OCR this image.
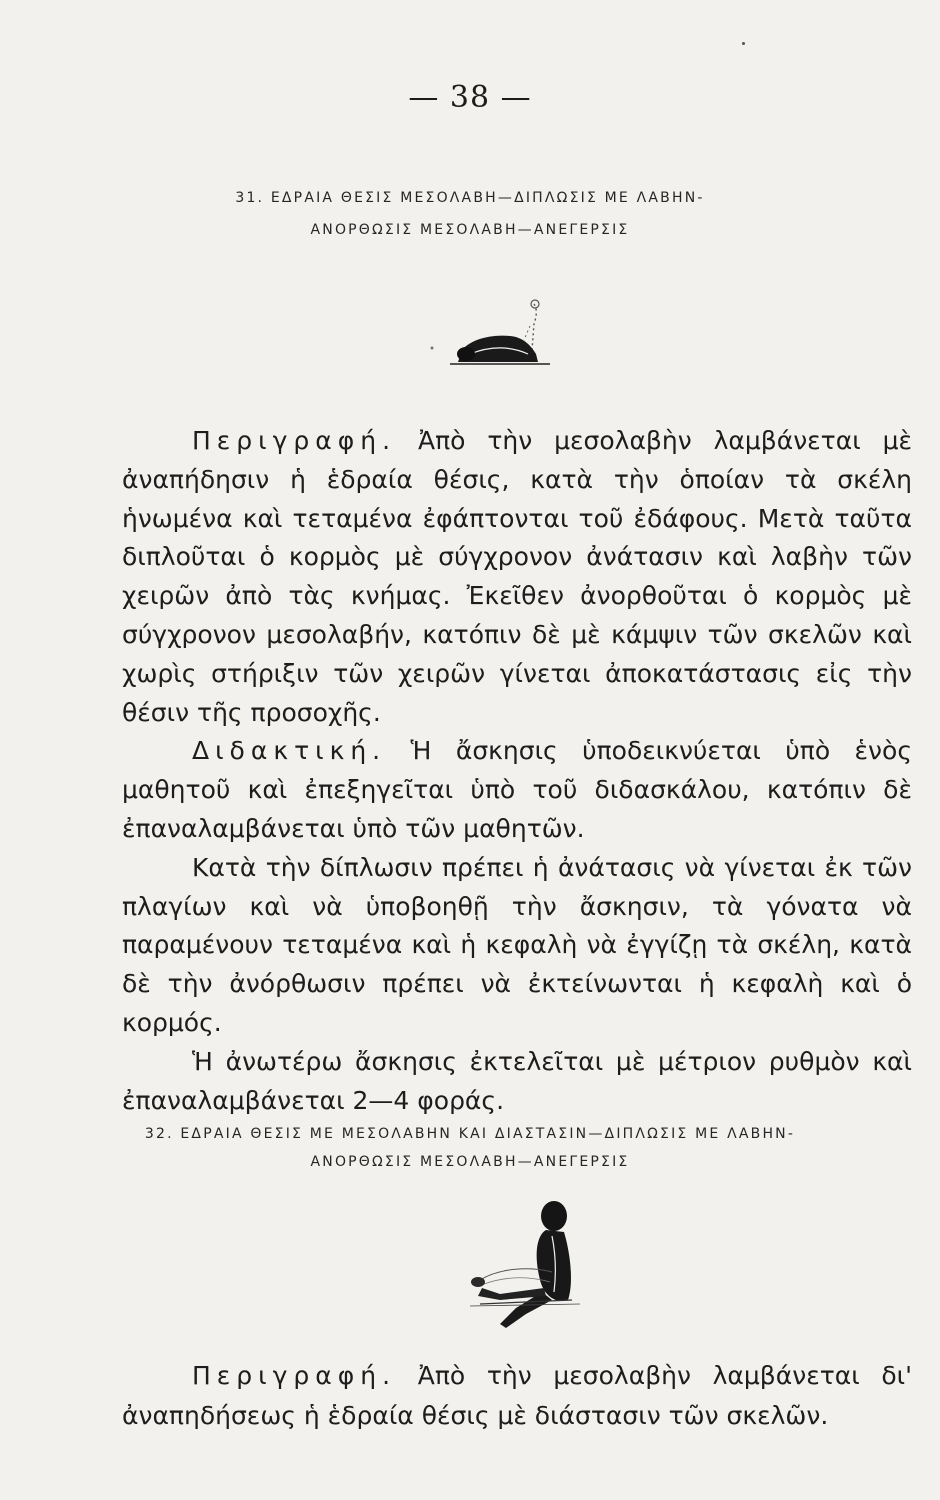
— 38 —
31. ΕΔΡΑΙΑ ΘΕΣΙΣ ΜΕΣΟΛΑΒΗ—ΔΙΠΛΩΣΙΣ ΜΕ ΛΑΒΗΝ-
ΑΝΟΡΘΩΣΙΣ ΜΕΣΟΛΑΒΗ—ΑΝΕΓΕΡΣΙΣ

Περιγραφή. Ἀπὸ τὴν μεσολαβὴν λαμβάνεται μὲ ἀναπήδησιν ἡ ἑδραία θέσις, κατὰ τὴν ὁποίαν τὰ σκέλη ἡνωμένα καὶ τεταμένα ἐφάπτονται τοῦ ἐδάφους. Μετὰ ταῦτα διπλοῦται ὁ κορμὸς μὲ σύγχρονον ἀνάτασιν καὶ λαβὴν τῶν χειρῶν ἀπὸ τὰς κνήμας. Ἐκεῖθεν ἀνορθοῦται ὁ κορμὸς μὲ σύγχρονον μεσολαβήν, κατόπιν δὲ μὲ κάμψιν τῶν σκελῶν καὶ χωρὶς στήριξιν τῶν χειρῶν γίνεται ἀποκατάστασις εἰς τὴν θέσιν τῆς προσοχῆς.

Διδακτική. Ἡ ἄσκησις ὑποδεικνύεται ὑπὸ ἑνὸς μαθητοῦ καὶ ἐπεξηγεῖται ὑπὸ τοῦ διδασκάλου, κατόπιν δὲ ἐπαναλαμβάνεται ὑπὸ τῶν μαθητῶν.

Κατὰ τὴν δίπλωσιν πρέπει ἡ ἀνάτασις νὰ γίνεται ἐκ τῶν πλαγίων καὶ νὰ ὑποβοηθῇ τὴν ἄσκησιν, τὰ γόνατα νὰ παραμένουν τεταμένα καὶ ἡ κεφαλὴ νὰ ἐγγίζῃ τὰ σκέλη, κατὰ δὲ τὴν ἀνόρθωσιν πρέπει νὰ ἐκτείνωνται ἡ κεφαλὴ καὶ ὁ κορμός.

Ἡ ἀνωτέρω ἄσκησις ἐκτελεῖται μὲ μέτριον ρυθμὸν καὶ ἐπαναλαμβάνεται 2—4 φοράς.

32. ΕΔΡΑΙΑ ΘΕΣΙΣ ΜΕ ΜΕΣΟΛΑΒΗΝ ΚΑΙ ΔΙΑΣΤΑΣΙΝ—ΔΙΠΛΩΣΙΣ ΜΕ ΛΑΒΗΝ-
ΑΝΟΡΘΩΣΙΣ ΜΕΣΟΛΑΒΗ—ΑΝΕΓΕΡΣΙΣ

Περιγραφή. Ἀπὸ τὴν μεσολαβὴν λαμβάνεται δι' ἀναπηδήσεως ἡ ἑδραία θέσις μὲ διάστασιν τῶν σκελῶν.
